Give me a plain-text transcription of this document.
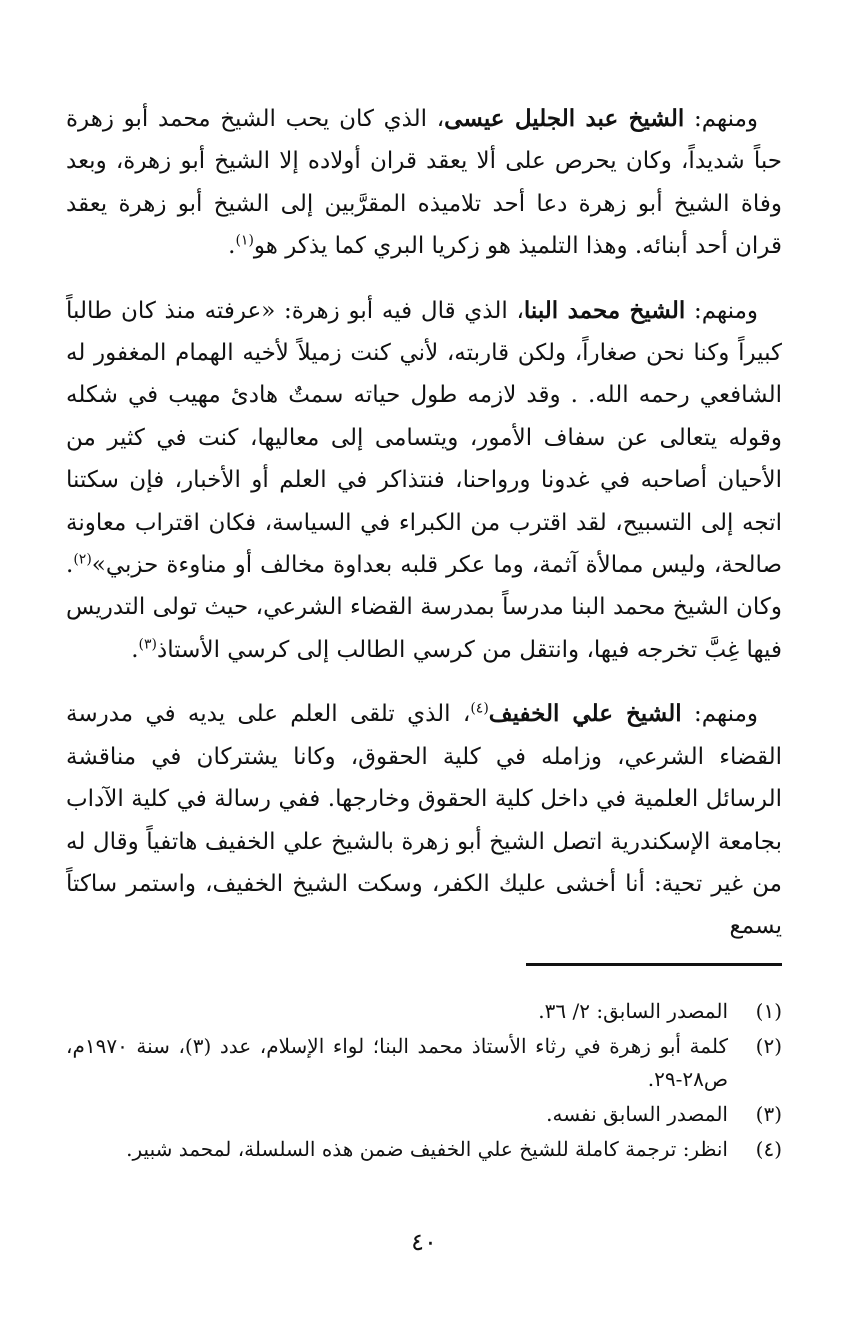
ومنهم: الشيخ عبد الجليل عيسى، الذي كان يحب الشيخ محمد أبو زهرة حباً شديداً، وكان يحرص على ألا يعقد قران أولاده إلا الشيخ أبو زهرة، وبعد وفاة الشيخ أبو زهرة دعا أحد تلاميذه المقرَّبين إلى الشيخ أبو زهرة يعقد قران أحد أبنائه. وهذا التلميذ هو زكريا البري كما يذكر هو$^{(١)}$.

ومنهم: الشيخ محمد البنا، الذي قال فيه أبو زهرة: «عرفته منذ كان طالباً كبيراً وكنا نحن صغاراً، ولكن قاربته، لأني كنت زميلاً لأخيه الهمام المغفور له الشافعي رحمه الله. . وقد لازمه طول حياته سمتٌ هادئ مهيب في شكله وقوله يتعالى عن سفاف الأمور، ويتسامى إلى معاليها، كنت في كثير من الأحيان أصاحبه في غدونا ورواحنا، فنتذاكر في العلم أو الأخبار، فإن سكتنا اتجه إلى التسبيح، لقد اقترب من الكبراء في السياسة، فكان اقتراب معاونة صالحة، وليس ممالأة آثمة، وما عكر قلبه بعداوة مخالف أو مناوءة حزبي»$^{(٢)}$. وكان الشيخ محمد البنا مدرساً بمدرسة القضاء الشرعي، حيث تولى التدريس فيها غِبَّ تخرجه فيها، وانتقل من كرسي الطالب إلى كرسي الأستاذ$^{(٣)}$.

ومنهم: الشيخ علي الخفيف$^{(٤)}$، الذي تلقى العلم على يديه في مدرسة القضاء الشرعي، وزامله في كلية الحقوق، وكانا يشتركان في مناقشة الرسائل العلمية في داخل كلية الحقوق وخارجها. ففي رسالة في كلية الآداب بجامعة الإسكندرية اتصل الشيخ أبو زهرة بالشيخ علي الخفيف هاتفياً وقال له من غير تحية: أنا أخشى عليك الكفر، وسكت الشيخ الخفيف، واستمر ساكتاً يسمع

(١)
المصدر السابق: ٢/ ٣٦.
(٢)
كلمة أبو زهرة في رثاء الأستاذ محمد البنا؛ لواء الإسلام، عدد (٣)، سنة ١٩٧٠م، ص٢٨-٢٩.
(٣)
المصدر السابق نفسه.
(٤)
انظر: ترجمة كاملة للشيخ علي الخفيف ضمن هذه السلسلة، لمحمد شبير.
٤٠
